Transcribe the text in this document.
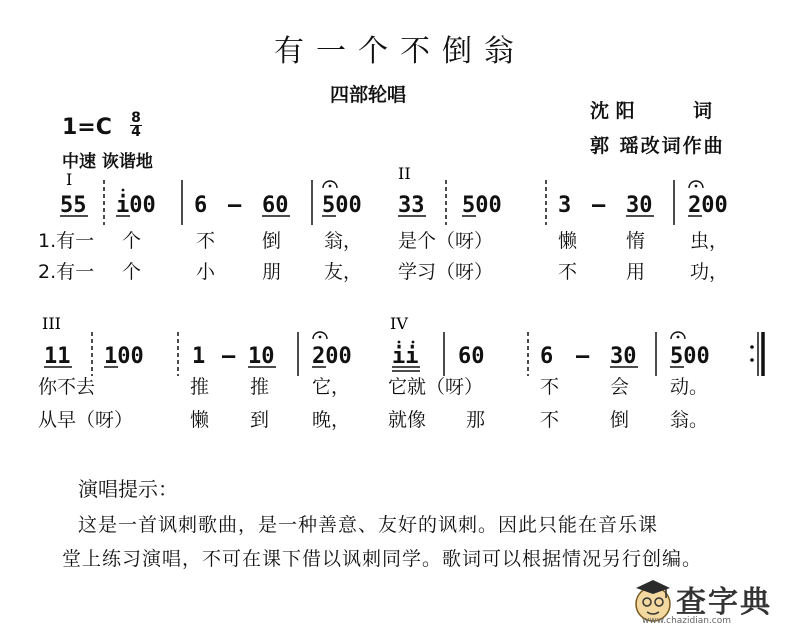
有一个不倒翁
四部轮唱
沈 阳	词
郭 瑶改词作曲
1=C 8
4
中速 诙谐地
I	II
III	IV
55 i00 6 – 60 500 33 500	3 – 30 200
1.有一 个	不 倒 翁， 是个（呀）	懒	惰 虫，
2.有一 个	小 朋 友， 学习（呀）	不	用 功，
11 100 1 – 10 200 ii 60	6 – 30 500
你不去	推 推 它， 它就（呀）	不	会 动。
从早（呀）	懒 到 晚， 就像 那	不	倒 翁。
演唱提示：
这是一首讽刺歌曲，是一种善意、友好的讽刺。因此只能在音乐课
堂上练习演唱，不可在课下借以讽刺同学。歌词可以根据情况另行创编。
查字典
www.chazidian.com
